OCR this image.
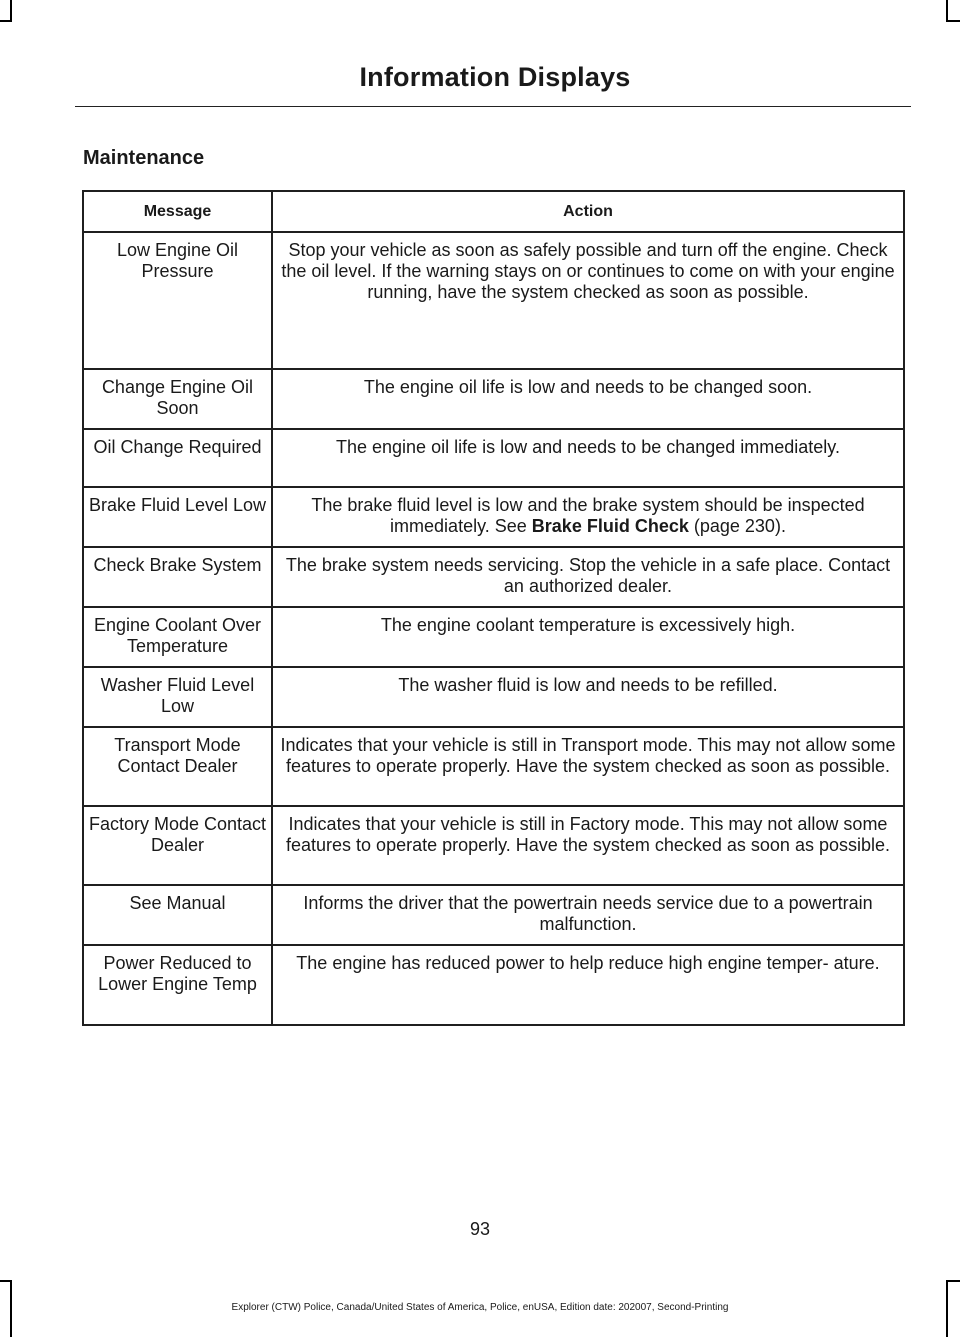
Information Displays
Maintenance
Message	Action
Low Engine Oil Pressure	Stop your vehicle as soon as safely possible and turn off the engine. Check the oil level. If the warning stays on or continues to come on with your engine running, have the system checked as soon as possible.
Change Engine Oil Soon	The engine oil life is low and needs to be changed soon.
Oil Change Required	The engine oil life is low and needs to be changed immediately.
Brake Fluid Level Low	The brake fluid level is low and the brake system should be inspected immediately. See Brake Fluid Check (page 230).
Check Brake System	The brake system needs servicing. Stop the vehicle in a safe place. Contact an authorized dealer.
Engine Coolant Over Temperature	The engine coolant temperature is excessively high.
Washer Fluid Level Low	The washer fluid is low and needs to be refilled.
Transport Mode Contact Dealer	Indicates that your vehicle is still in Transport mode. This may not allow some features to operate properly. Have the system checked as soon as possible.
Factory Mode Contact Dealer	Indicates that your vehicle is still in Factory mode. This may not allow some features to operate properly. Have the system checked as soon as possible.
See Manual	Informs the driver that the powertrain needs service due to a powertrain malfunction.
Power Reduced to Lower Engine Temp	The engine has reduced power to help reduce high engine temper- ature.
93
Explorer (CTW) Police, Canada/United States of America, Police, enUSA, Edition date: 202007, Second-Printing
